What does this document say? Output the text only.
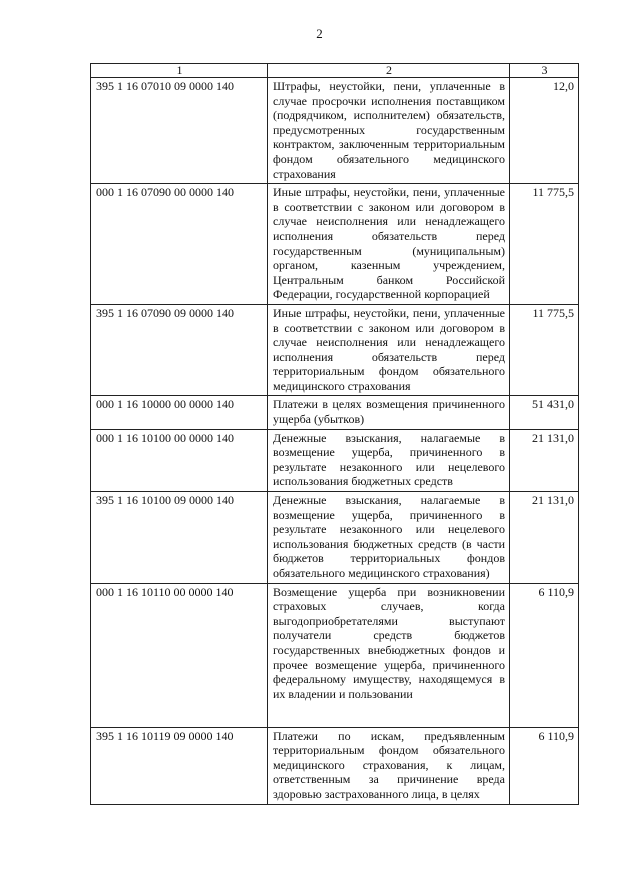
2
1	2	3
395 1 16 07010 09 0000 140	Штрафы, неустойки, пени, уплаченные в случае просрочки исполнения поставщиком (подрядчиком, исполнителем) обязательств, предусмотренных государственным контрактом, заключенным территориальным фондом обязательного медицинского страхования	12,0
000 1 16 07090 00 0000 140	Иные штрафы, неустойки, пени, уплаченные в соответствии с законом или договором в случае неисполнения или ненадлежащего исполнения обязательств перед государственным (муниципальным) органом, казенным учреждением, Центральным банком Российской Федерации, государственной корпорацией	11 775,5
395 1 16 07090 09 0000 140	Иные штрафы, неустойки, пени, уплаченные в соответствии с законом или договором в случае неисполнения или ненадлежащего исполнения обязательств перед территориальным фондом обязательного медицинского страхования	11 775,5
000 1 16 10000 00 0000 140	Платежи в целях возмещения причиненного ущерба (убытков)	51 431,0
000 1 16 10100 00 0000 140	Денежные взыскания, налагаемые в возмещение ущерба, причиненного в результате незаконного или нецелевого использования бюджетных средств	21 131,0
395 1 16 10100 09 0000 140	Денежные взыскания, налагаемые в возмещение ущерба, причиненного в результате незаконного или нецелевого использования бюджетных средств (в части бюджетов территориальных фондов обязательного медицинского страхования)	21 131,0
000 1 16 10110 00 0000 140	Возмещение ущерба при возникновении страховых случаев, когда выгодоприобретателями выступают получатели средств бюджетов государственных внебюджетных фондов и прочее возмещение ущерба, причиненного федеральному имуществу, находящемуся в их владении и пользовании	6 110,9
395 1 16 10119 09 0000 140	Платежи по искам, предъявленным территориальным фондом обязательного медицинского страхования, к лицам, ответственным за причинение вреда здоровью застрахованного лица, в целях	6 110,9
